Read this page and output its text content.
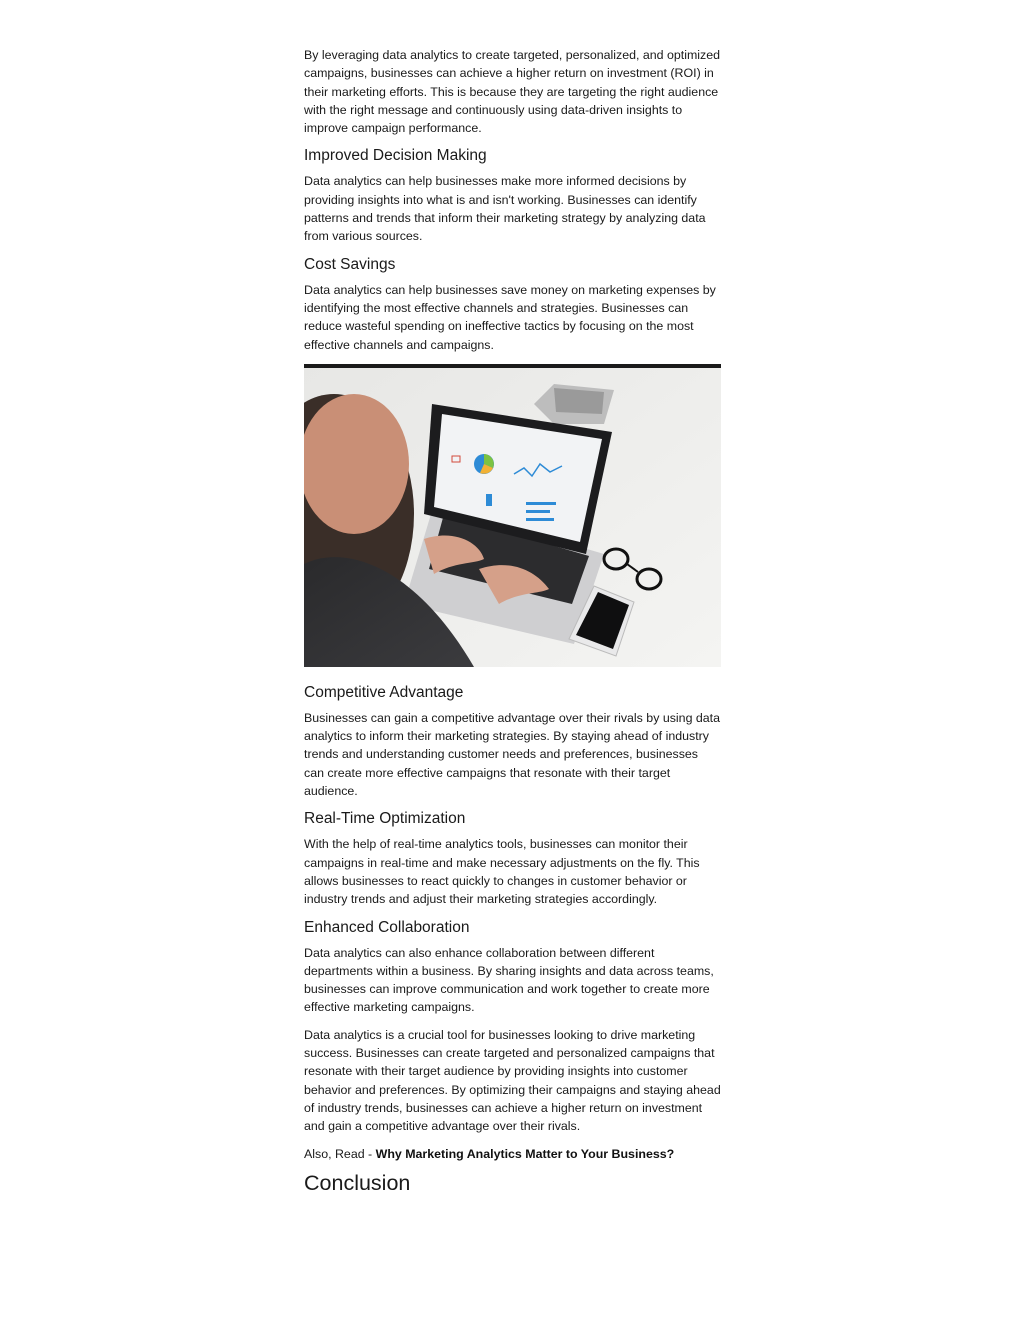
By leveraging data analytics to create targeted, personalized, and optimized campaigns, businesses can achieve a higher return on investment (ROI) in their marketing efforts. This is because they are targeting the right audience with the right message and continuously using data-driven insights to improve campaign performance.

Improved Decision Making

Data analytics can help businesses make more informed decisions by providing insights into what is and isn't working. Businesses can identify patterns and trends that inform their marketing strategy by analyzing data from various sources.

Cost Savings

Data analytics can help businesses save money on marketing expenses by identifying the most effective channels and strategies. Businesses can reduce wasteful spending on ineffective tactics by focusing on the most effective channels and campaigns.

Competitive Advantage

Businesses can gain a competitive advantage over their rivals by using data analytics to inform their marketing strategies. By staying ahead of industry trends and understanding customer needs and preferences, businesses can create more effective campaigns that resonate with their target audience.

Real-Time Optimization

With the help of real-time analytics tools, businesses can monitor their campaigns in real-time and make necessary adjustments on the fly. This allows businesses to react quickly to changes in customer behavior or industry trends and adjust their marketing strategies accordingly.

Enhanced Collaboration

Data analytics can also enhance collaboration between different departments within a business. By sharing insights and data across teams, businesses can improve communication and work together to create more effective marketing campaigns.

Data analytics is a crucial tool for businesses looking to drive marketing success. Businesses can create targeted and personalized campaigns that resonate with their target audience by providing insights into customer behavior and preferences. By optimizing their campaigns and staying ahead of industry trends, businesses can achieve a higher return on investment and gain a competitive advantage over their rivals.

Also, Read - Why Marketing Analytics Matter to Your Business?

Conclusion
